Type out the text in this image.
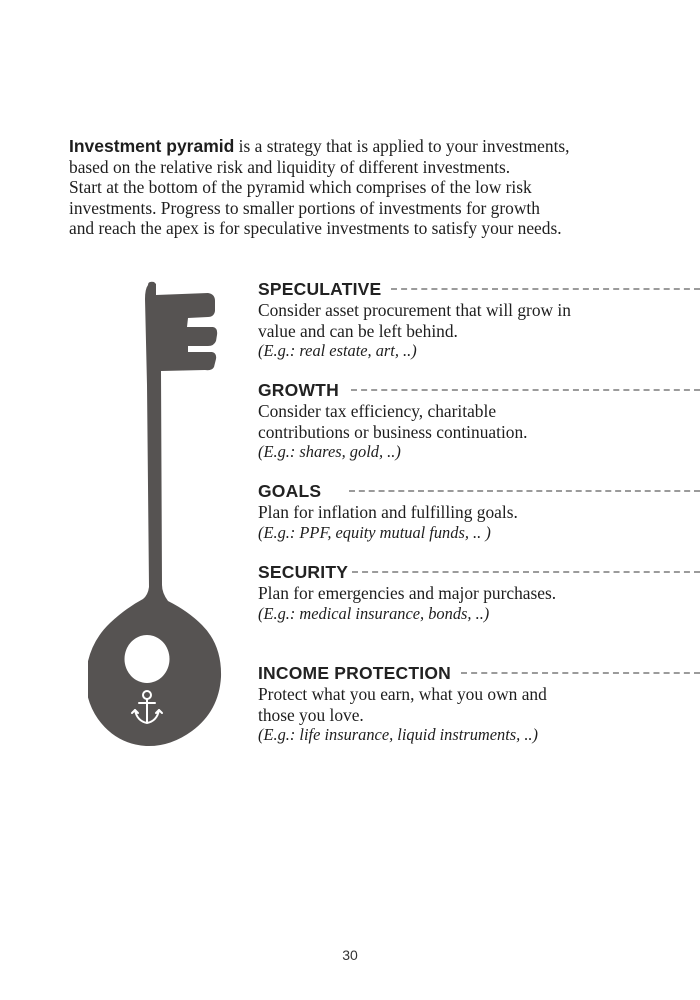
Investment pyramid is a strategy that is applied to your investments,
based on the relative risk and liquidity of different investments.
Start at the bottom of the pyramid which comprises of the low risk
investments. Progress to smaller portions of investments for growth
and reach the apex is for speculative investments to satisfy your needs.
SPECULATIVE
Consider asset procurement that will grow in
value and can be left behind.
(E.g.: real estate, art, ..)
GROWTH
Consider tax efficiency, charitable
contributions or business continuation.
(E.g.: shares, gold, ..)
GOALS
Plan for inflation and fulfilling goals.
(E.g.: PPF, equity mutual funds, .. )
SECURITY
Plan for emergencies and major purchases.
(E.g.: medical insurance, bonds, ..)
INCOME PROTECTION
Protect what you earn, what you own and
those you love.
(E.g.: life insurance, liquid instruments, ..)
30
